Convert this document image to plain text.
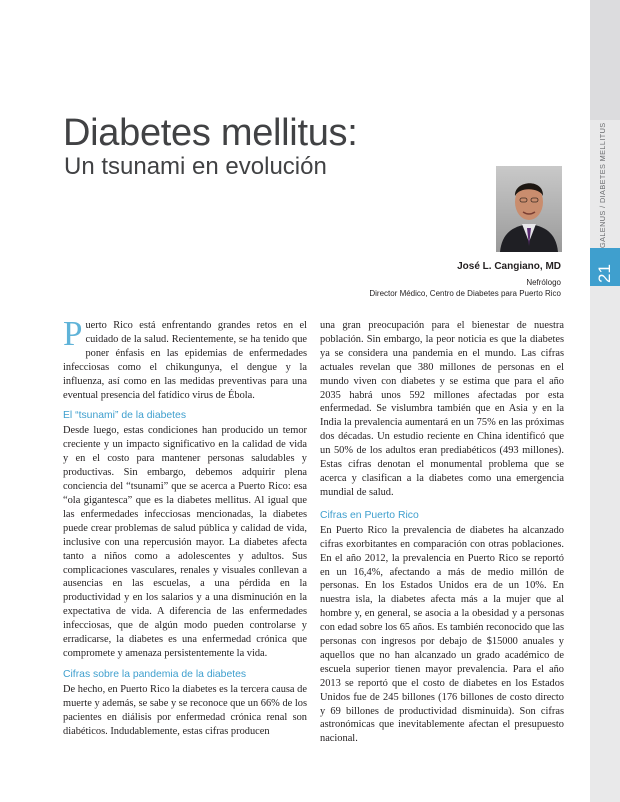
GALENUS / DIABETES MELLITUS
21
Diabetes mellitus:
Un tsunami en evolución
José L. Cangiano, MD
Nefrólogo
Director Médico, Centro de Diabetes para Puerto Rico

Puerto Rico está enfrentando grandes retos en el cuidado de la salud. Recientemente, se ha tenido que poner énfasis en las epidemias de enfermedades infecciosas como el chikungunya, el dengue y la influenza, así como en las medidas preventivas para una eventual presencia del fatídico virus de Ébola.

El “tsunami” de la diabetes

Desde luego, estas condiciones han producido un temor creciente y un impacto significativo en la calidad de vida y en el costo para mantener personas saludables y productivas. Sin embargo, debemos adquirir plena conciencia del “tsunami” que se acerca a Puerto Rico: esa “ola gigantesca” que es la diabetes mellitus. Al igual que las enfermedades infecciosas mencionadas, la diabetes puede crear problemas de salud pública y calidad de vida, inclusive con una repercusión mayor. La diabetes afecta tanto a niños como a adolescentes y adultos. Sus complicaciones vasculares, renales y visuales conllevan a ausencias en las escuelas, a una pérdida en la productividad y en los salarios y a una disminución en la expectativa de vida. A diferencia de las enfermedades infecciosas, que de algún modo pueden controlarse y erradicarse, la diabetes es una enfermedad crónica que compromete y amenaza persistentemente la vida.

Cifras sobre la pandemia de la diabetes

De hecho, en Puerto Rico la diabetes es la tercera causa de muerte y además, se sabe y se reconoce que un 66% de los pacientes en diálisis por enfermedad crónica renal son diabéticos. Indudablemente, estas cifras producen

una gran preocupación para el bienestar de nuestra población. Sin embargo, la peor noticia es que la diabetes ya se considera una pandemia en el mundo. Las cifras actuales revelan que 380 millones de personas en el mundo viven con diabetes y se estima que para el año 2035 habrá unos 592 millones afectadas por esta enfermedad. Se vislumbra también que en Asia y en la India la prevalencia aumentará en un 75% en las próximas dos décadas. Un estudio reciente en China identificó que un 50% de los adultos eran prediabéticos (493 millones). Estas cifras denotan el monumental problema que se acerca y clasifican a la diabetes como una emergencia mundial de salud.

Cifras en Puerto Rico

En Puerto Rico la prevalencia de diabetes ha alcanzado cifras exorbitantes en comparación con otras poblaciones. En el año 2012, la prevalencia en Puerto Rico se reportó en un 16,4%, afectando a más de medio millón de personas. En los Estados Unidos era de un 10%. En nuestra isla, la diabetes afecta más a la mujer que al hombre y, en general, se asocia a la obesidad y a personas con edad sobre los 65 años. Es también reconocido que las personas con ingresos por debajo de $15000 anuales y aquellos que no han alcanzado un grado académico de escuela superior tienen mayor prevalencia. Para el año 2013 se reportó que el costo de diabetes en los Estados Unidos fue de 245 billones (176 billones de costo directo y 69 billones de productividad disminuida). Son cifras astronómicas que inevitablemente afectan el presupuesto nacional.
